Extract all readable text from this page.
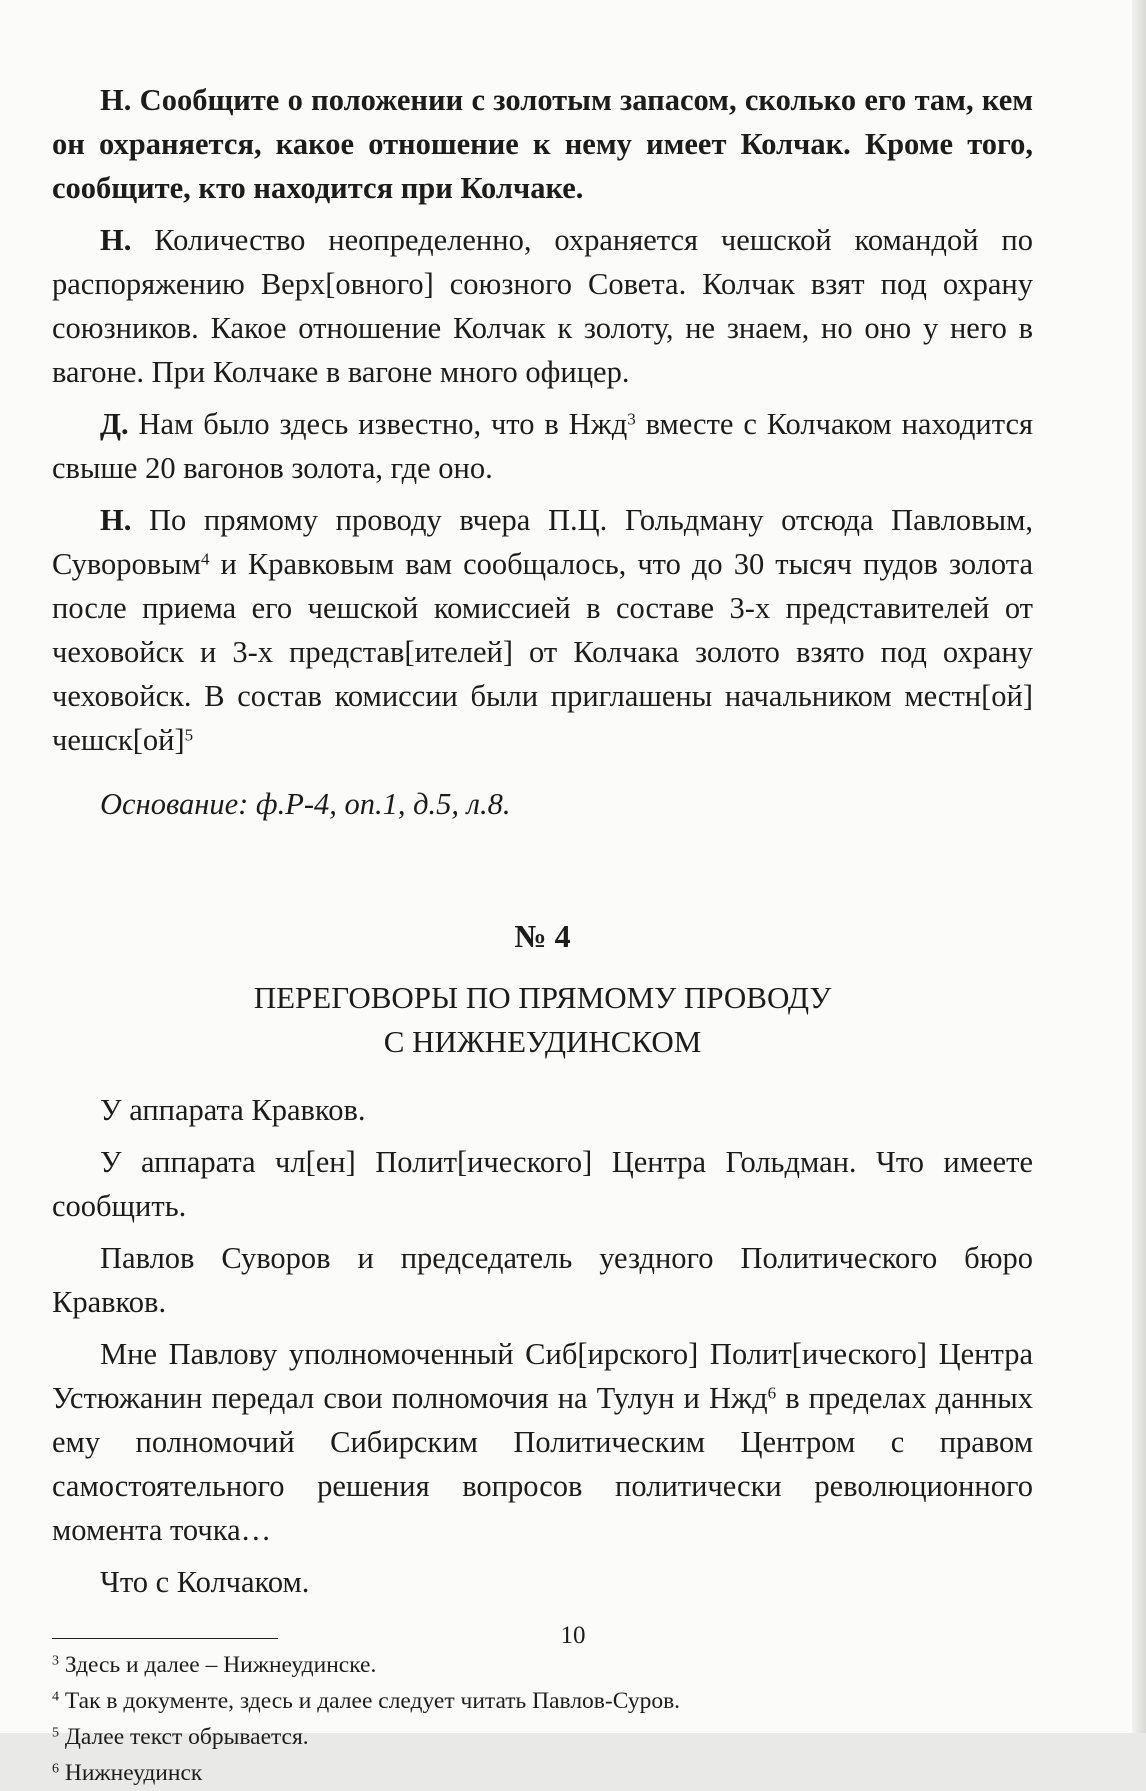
Н. Сообщите о положении с золотым запасом, сколько его там, кем он охраняется, какое отношение к нему имеет Колчак. Кроме того, сообщите, кто находится при Колчаке.

Н. Количество неопределенно, охраняется чешской командой по распоряжению Верх[овного] союзного Совета. Колчак взят под охрану союзников. Какое отношение Колчак к золоту, не знаем, но оно у него в вагоне. При Колчаке в вагоне много офицер.

Д. Нам было здесь известно, что в Нжд$^3$ вместе с Колчаком находится свыше 20 вагонов золота, где оно.

Н. По прямому проводу вчера П.Ц. Гольдману отсюда Павловым, Суворовым$^4$ и Кравковым вам сообщалось, что до 30 тысяч пудов золота после приема его чешской комиссией в составе 3-х представителей от чеховойск и 3-х представ[ителей] от Колчака золото взято под охрану чеховойск. В состав комиссии были приглашены начальником местн[ой] чешск[ой]$^5$

Основание: ф.Р-4, оп.1, д.5, л.8.

№ 4

ПЕРЕГОВОРЫ ПО ПРЯМОМУ ПРОВОДУ
С НИЖНЕУДИНСКОМ

У аппарата Кравков.

У аппарата чл[ен] Полит[ического] Центра Гольдман. Что имеете сообщить.

Павлов Суворов и председатель уездного Политического бюро Кравков.

Мне Павлову уполномоченный Сиб[ирского] Полит[ического] Центра Устюжанин передал свои полномочия на Тулун и Нжд$^6$ в пределах данных ему полномочий Сибирским Политическим Центром с правом самостоятельного решения вопросов политически революционного момента точка…

Что с Колчаком.

$^3$ Здесь и далее – Нижнеудинске.

$^4$ Так в документе, здесь и далее следует читать Павлов-Суров.

$^5$ Далее текст обрывается.

$^6$ Нижнеудинск

10
